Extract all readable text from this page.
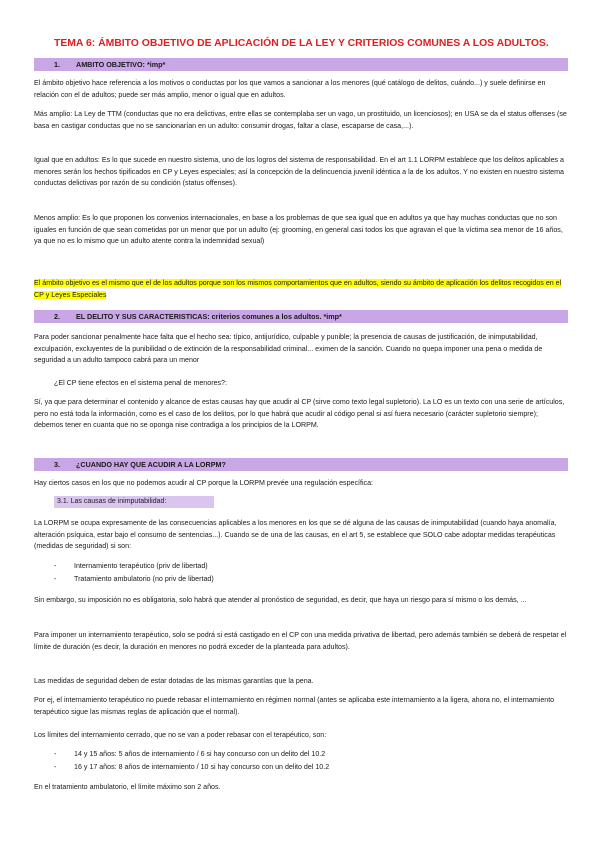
TEMA 6: ÁMBITO OBJETIVO DE APLICACIÓN DE LA LEY Y CRITERIOS COMUNES A LOS ADULTOS.
1. AMBITO OBJETIVO: *imp*
El ámbito objetivo hace referencia a los motivos o conductas por los que vamos a sancionar a los menores (qué catálogo de delitos, cuándo...) y suele definirse en relación con el de adultos; puede ser más amplio, menor o igual que en adultos.
Más amplio: La Ley de TTM (conductas que no era delictivas, entre ellas se contemplaba ser un vago, un prostituido, un licenciosos); en USA se da el status offenses (se basa en castigar conductas que no se sancionarían en un adulto: consumir drogas, faltar a clase, escaparse de casa,...).
Igual que en adultos: Es lo que sucede en nuestro sistema, uno de los logros del sistema de responsabilidad. En el art 1.1 LORPM establece que los delitos aplicables a menores serán los hechos tipificados en CP y Leyes especiales; así la concepción de la delincuencia juvenil idéntica a la de los adultos. Y no existen en nuestro sistema conductas delictivas por razón de su condición (status offenses).
Menos amplio: Es lo que proponen los convenios internacionales, en base a los problemas de que sea igual que en adultos ya que hay muchas conductas que no son iguales en función de que sean cometidas por un menor que por un adulto (ej: grooming, en general casi todos los que agravan el que la víctima sea menor de 16 años, ya que no es lo mismo que un adulto atente contra la indemnidad sexual)
El ámbito objetivo es el mismo que el de los adultos porque son los mismos comportamientos que en adultos, siendo su ámbito de aplicación los delitos recogidos en el CP y Leyes Especiales
2. EL DELITO Y SUS CARACTERISTICAS: criterios comunes a los adultos. *imp*
Para poder sancionar penalmente hace falta que el hecho sea: típico, antijurídico, culpable y punible; la presencia de causas de justificación, de inimputabilidad, exculpación, excluyentes de la punibilidad o de extinción de la responsabilidad criminal... eximen de la sanción. Cuando no quepa imponer una pena o medida de seguridad a un adulto tampoco cabrá para un menor
¿El CP tiene efectos en el sistema penal de menores?:
Sí, ya que para determinar el contenido y alcance de estas causas hay que acudir al CP (sirve como texto legal supletorio). La LO es un texto con una serie de artículos, pero no está toda la información, como es el caso de los delitos, por lo que habrá que acudir al código penal si así fuera necesario (carácter supletorio siempre); debemos tener en cuanta que no se oponga nise contradiga a los principios de la LORPM.
3. ¿CUANDO HAY QUE ACUDIR A LA LORPM?
Hay ciertos casos en los que no podemos acudir al CP porque la LORPM prevée una regulación específica:
3.1. Las causas de inimputabilidad:
La LORPM se ocupa expresamente de las consecuencias aplicables a los menores en los que se dé alguna de las causas de inimputabilidad (cuando haya anomalía, alteración psíquica, estar bajo el consumo de sentencias...). Cuando se de una de las causas, en el art 5, se establece que SOLO cabe adoptar medidas terapéuticas (medidas de seguridad) si son:
- Internamiento terapéutico (priv de libertad)
- Tratamiento ambulatorio (no priv de libertad)
Sin embargo, su imposición no es obligatoria, solo habrá que atender al pronóstico de seguridad, es decir, que haya un riesgo para sí mismo o los demás, ...
Para imponer un internamiento terapéutico, solo se podrá si está castigado en el CP con una medida privativa de libertad, pero además también se deberá de respetar el límite de duración (es decir, la duración en menores no podrá exceder de la planteada para adultos).
Las medidas de seguridad deben de estar dotadas de las mismas garantías que la pena.
Por ej, el internamiento terapéutico no puede rebasar el internamiento en régimen normal (antes se aplicaba este internamiento a la ligera, ahora no, el internamiento terapéutico sigue las mismas reglas de aplicación que el normal).
Los límites del internamiento cerrado, que no se van a poder rebasar con el terapéutico, son:
- 14 y 15 años: 5 años de internamiento / 6 si hay concurso con un delito del 10.2
- 16 y 17 años: 8 años de internamiento / 10 si hay concurso con un delito del 10.2
En el tratamiento ambulatorio, el límite máximo son 2 años.
